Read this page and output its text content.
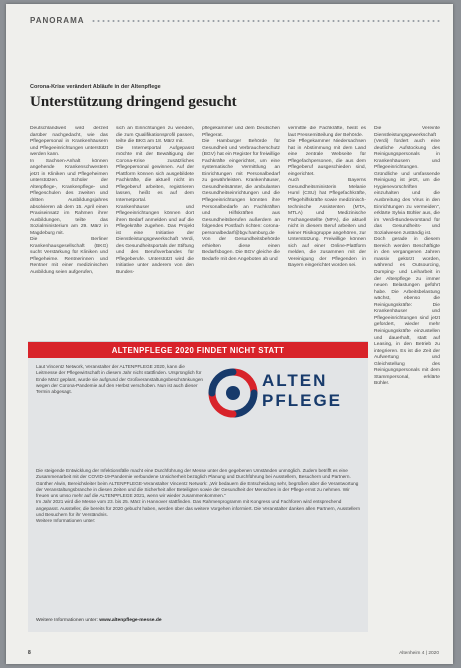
PANORAMA
Corona-Krise verändert Abläufe in der Altenpflege
Unterstützung dringend gesucht
Deutschlandweit wird derzeit darüber nachgedacht, wie das Pflegepersonal in Krankenhäusern und Pflegeeinrichtungen unterstützt werden kann.
In Sachsen-Anhalt können angehende Krankenschwestern jetzt in Kliniken und Pflegeheimen unterstützen. Schüler der Altenpflege-, Krankenpflege- und Pflegeschulen des zweiten und dritten Ausbildungsjahres absolvieren ab dem 15. April einen Praxiseinsatz im Rahmen ihrer Ausbildungen, teilte das Sozialministerium am 29. März in Magdeburg mit.
Die Berliner Krankenhausgesellschaft (BKG) sucht Verstärkung für Kliniken und Pflegeheime. Rentnerinnen und Rentner mit einer medizinischen Ausbildung seien aufgerufen,
sich an Einrichtungen zu wenden, die zum Qualifikationsprofil passen, teilte die BKG am 18. März mit.
Die Internetportal Aufgepasst möchte mit der Bewältigung der Corona-Krise zusätzliches Pflegepersonal gewinnen. Auf der Plattform können sich ausgebildete Fachkräfte, die aktuell nicht im Pflegeberuf arbeiten, registrieren lassen, heißt es auf dem Internetportal.
Krankenhäuser und Pflegeeinrichtungen können dort ihren Bedarf anmelden und auf die Pflegekräfte zugehen. Das Projekt ist eine Initiative der Dienstleistungsgewerkschaft Verdi, des Gesundheitsportals der Stiftung und des Berufsverbandes für Pflegeberufe. Unterstützt wird die Initiative unter anderem von den Bundes-
pflegekammer und dem Deutschen Pflegerat.
Die Hamburger Behörde für Gesundheit und Verbraucherschutz (BGV) hat ein Register für freiwillige Fachkräfte eingerichtet, um eine systematische Vermittlung an Einrichtungen mit Personalbedarf zu gewährleisten. Krankenhäuser, Gesundheitsämter, die ambulanten Gesundheitseinrichtungen und die Pflegeeinrichtungen könnten ihre Personalbedarfe an Fachkräften und Hilfskräften aus Gesundheitsberufen außerdem an folgendes Postfach richten: corona-personalbedarf@bgv.hamburg.de
Von der Gesundheitsbehörde erhielten diese einen Bedarfsbogen. Die BGV gleiche die Bedarfe mit den Angeboten ab und
vermittle die Fachkräfte, heißt es laut Pressemitteilung der Behörde.
Die Pflegekammer Niedersachsen hat in Abstimmung mit dem Land eine zentrale Webseite für Pflegefachpersonen, die aus dem Pflegeberuf ausgeschieden sind, eingerichtet.
Auch Bayerns Gesundheitsministerin Melanie Huml (CSU) hat Pflegefachkräfte, Pflegehilfskräfte sowie medizinisch-technische Assistenten (MTA, MTLA) und Medizinische Fachangestellte (MFA), die aktuell nicht in diesem Beruf arbeiten und keiner Risikogruppe angehören, zur Unterstützung. Freiwillige können sich auf einer Online-Plattform melden, die zusammen mit der Vereinigung der Pflegenden in Bayern eingerichtet worden sei.
Die Vereinte Dienstleistungsgewerkschaft (Verdi) fordert auch eine deutliche Aufstockung des Reinigungspersonals in Krankenhäusern und Pflegeeinrichtungen. Gründliche und umfassende Reinigung ist jetzt, um die Hygienevorschriften einzuhalten und die Ausbreitung des Virus in den Einrichtungen zu vermeiden", erklärte Sylvia Bühler aus, die im Verdi-Bundesvorstand für das Gesundheits- und Sozialwesen zuständig ist.
Doch gerade in diesem Bereich werden Beschäftigte in den vergangenen Jahren massiv gekürzt worden, während es Outsourcing, Dumping- und Leiharbeit in der Altenpflege zu immer neuen Belastungen geführt habe. Die Arbeitsbelastung wächst, ebenso die Reinigungskräfte: Die Krankenhäuser und Pflegeeinrichtungen sind jetzt gefordert, wieder mehr Reinigungskräfte einzustellen und dauerhaft, statt auf Leasing, in den Betrieb zu integrieren. Es ist die Zeit der Aufwertung und Gleichstellung des Reinigungspersonals mit dem Stammpersonal, erklärte Bühler.
ALTENPFLEGE 2020 FINDET NICHT STATT
Laut Vincentz Network, Veranstalter der ALTENPFLEGE 2020, kann die Leitmesse der Pflegewirtschaft in diesem Jahr nicht stattfinden. Ursprünglich für Ende März geplant, wurde sie aufgrund der Großveranstaltungsbeschränkungen wegen der Corona-Pandemie auf den Herbst verschoben. Nun ist auch dieser Termin abgesagt.
ALTEN
PFLEGE
Die steigende Entwicklung der Infektionsfälle macht eine Durchführung der Messe unter den gegebenen Umständen unmöglich. Zudem betrifft es eine Zusammenarbeit mit der COVID-19-Pandemie verbundene Unsicherheit bezüglich Planung und Durchführung bei Ausstellern, Besuchern und Partnern.
Günther Alwin, Bereichsleiter beim ALTENPFLEGE-Veranstalter Vincentz Network: „Wir bedauern die Entscheidung sehr, begrüßen aber die Verantwortung der Veranstaltungsbranche in diesen Zeiten und die Sicherheit aller Beteiligten sowie der Gesundheit der Menschen in der Pflege ernst zu nehmen. Wir freuen uns umso mehr auf die ALTENPFLEGE 2021, wenn wir wieder zusammenkommen.“
Im Jahr 2021 wird die Messe vom 23. bis 25. März in Hannover stattfinden. Das Rahmenprogramm mit Kongress und Fachforen wird entsprechend angepasst. Aussteller, die bereits für 2020 gebucht haben, werden über das weitere Vorgehen informiert. Die Veranstalter danken allen Partnern, Ausstellern und Besuchern für ihr Verständnis.
Weitere Informationen unter:
Weitere Informationen unter: www.altenpflege-messe.de
8	Altenheim 4 | 2020
